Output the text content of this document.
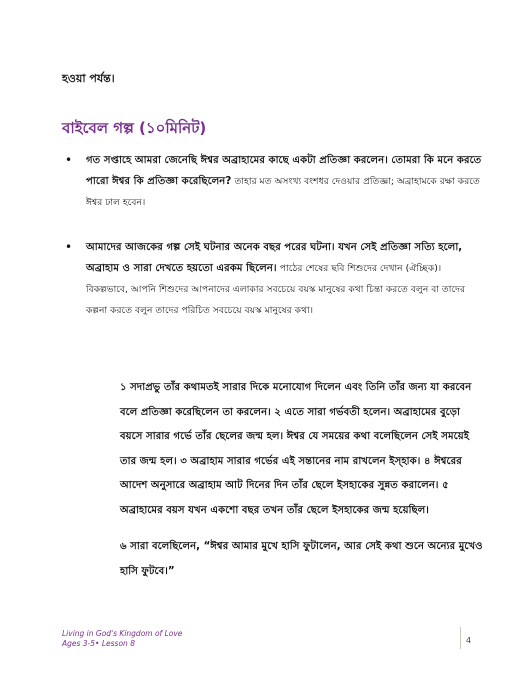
হওয়া পর্যন্ত।
বাইবেল গল্প (১০মিনিট)
• গত সপ্তাহে আমরা জেনেছি ঈশ্বর অব্রাহামের কাছে একটা প্রতিজ্ঞা করলেন। তোমরা কি মনে করতে পারো ঈশ্বর কি প্রতিজ্ঞা করেছিলেন? তাহার মত অসংখ্য বংশধর দেওয়ার প্রতিজ্ঞা; অব্রাহামকে রক্ষা করতে ঈশ্বর ঢাল হবেন।
• আমাদের আজকের গল্প সেই ঘটনার অনেক বছর পরের ঘটনা। যখন সেই প্রতিজ্ঞা সত্যি হলো, অব্রাহাম ও সারা দেখতে হয়তো এরকম ছিলেন। পাঠের শেষের ছবি শিশুদের দেখান (ঐচ্ছিক)। বিকল্পভাবে, আপনি শিশুদের আপনাদের এলাকার সবচেয়ে বয়স্ক মানুষের কথা চিন্তা করতে বলুন বা তাদের কল্পনা করতে বলুন তাদের পরিচিত সবচেয়ে বয়স্ক মানুষের কথা।

১ সদাপ্রভু তাঁর কথামতই সারার দিকে মনোযোগ দিলেন এবং তিনি তাঁর জন্য যা করবেন বলে প্রতিজ্ঞা করেছিলেন তা করলেন। ২ এতে সারা গর্ভবতী হলেন। অব্রাহামের বুড়ো বয়সে সারার গর্ভে তাঁর ছেলের জন্ম হল। ঈশ্বর যে সময়ের কথা বলেছিলেন সেই সময়েই তার জন্ম হল। ৩ অব্রাহাম সারার গর্ভের এই সন্তানের নাম রাখলেন ইস্হাক। ৪ ঈশ্বরের আদেশ অনুসারে অব্রাহাম আট দিনের দিন তাঁর ছেলে ইসহাকের সুন্নত করালেন। ৫ অব্রাহামের বয়স যখন একশো বছর তখন তাঁর ছেলে ইসহাকের জন্ম হয়েছিল।

৬ সারা বলেছিলেন, “ঈশ্বর আমার মুখে হাসি ফুটালেন, আর সেই কথা শুনে অন্যের মুখেও হাসি ফুটবে।”

Living in God's Kingdom of Love
Ages 3-5• Lesson 8	4
